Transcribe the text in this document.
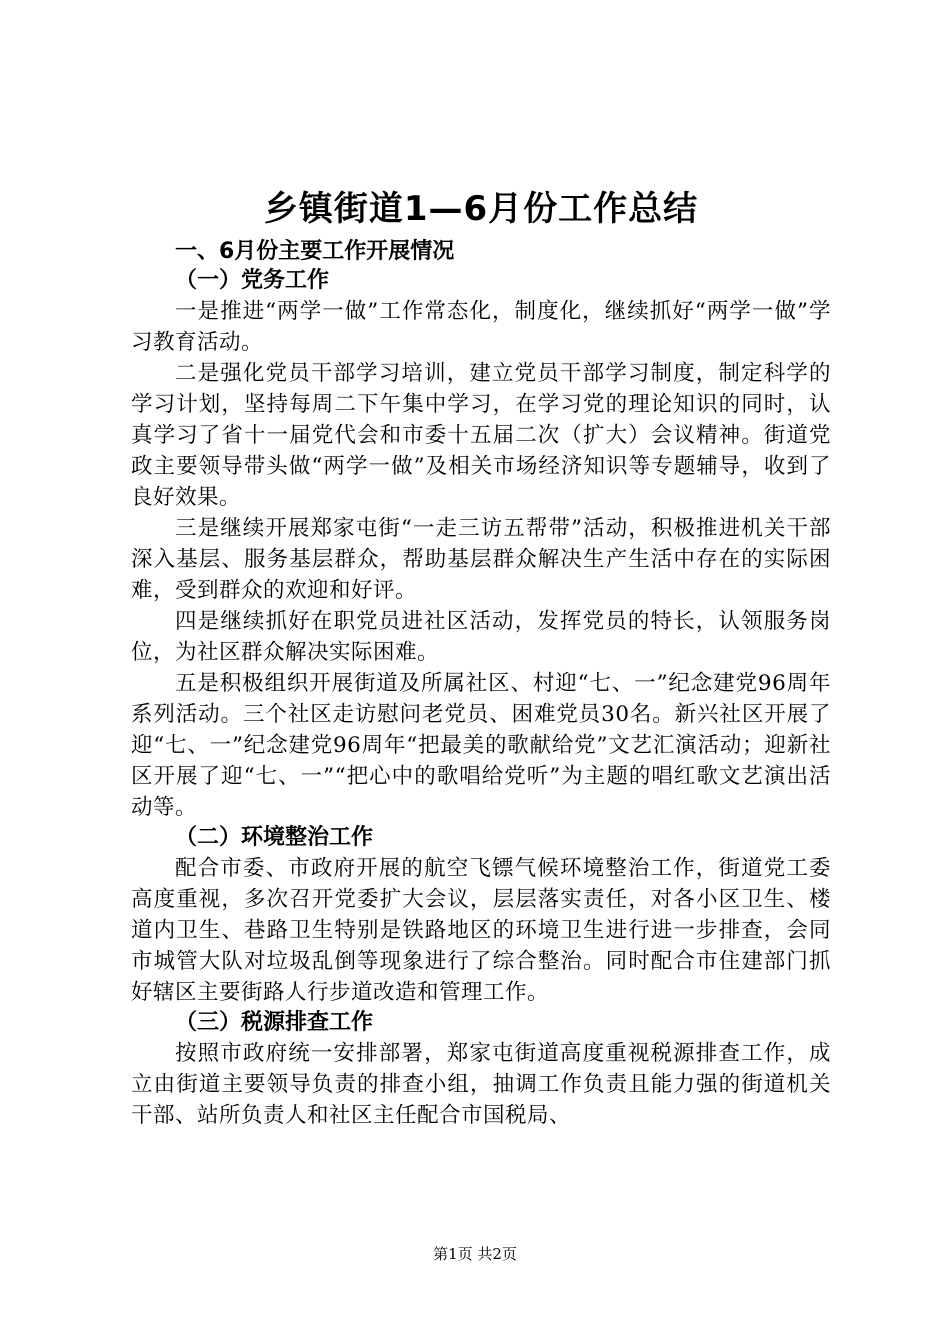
乡镇街道1—6月份工作总结
一、6月份主要工作开展情况
（一）党务工作

一是推进“两学一做”工作常态化，制度化，继续抓好“两学一做”学习教育活动。

二是强化党员干部学习培训，建立党员干部学习制度，制定科学的学习计划，坚持每周二下午集中学习，在学习党的理论知识的同时，认真学习了省十一届党代会和市委十五届二次（扩大）会议精神。街道党政主要领导带头做“两学一做”及相关市场经济知识等专题辅导，收到了良好效果。

三是继续开展郑家屯街“一走三访五帮带”活动，积极推进机关干部深入基层、服务基层群众，帮助基层群众解决生产生活中存在的实际困难，受到群众的欢迎和好评。

四是继续抓好在职党员进社区活动，发挥党员的特长，认领服务岗位，为社区群众解决实际困难。

五是积极组织开展街道及所属社区、村迎“七、一”纪念建党96周年系列活动。三个社区走访慰问老党员、困难党员30名。新兴社区开展了迎“七、一”纪念建党96周年“把最美的歌献给党”文艺汇演活动；迎新社区开展了迎“七、一”“把心中的歌唱给党听”为主题的唱红歌文艺演出活动等。

（二）环境整治工作

配合市委、市政府开展的航空飞镖气候环境整治工作，街道党工委高度重视，多次召开党委扩大会议，层层落实责任，对各小区卫生、楼道内卫生、巷路卫生特别是铁路地区的环境卫生进行进一步排查，会同市城管大队对垃圾乱倒等现象进行了综合整治。同时配合市住建部门抓好辖区主要街路人行步道改造和管理工作。

（三）税源排查工作

按照市政府统一安排部署，郑家屯街道高度重视税源排查工作，成立由街道主要领导负责的排查小组，抽调工作负责且能力强的街道机关干部、站所负责人和社区主任配合市国税局、

第1页 共2页
